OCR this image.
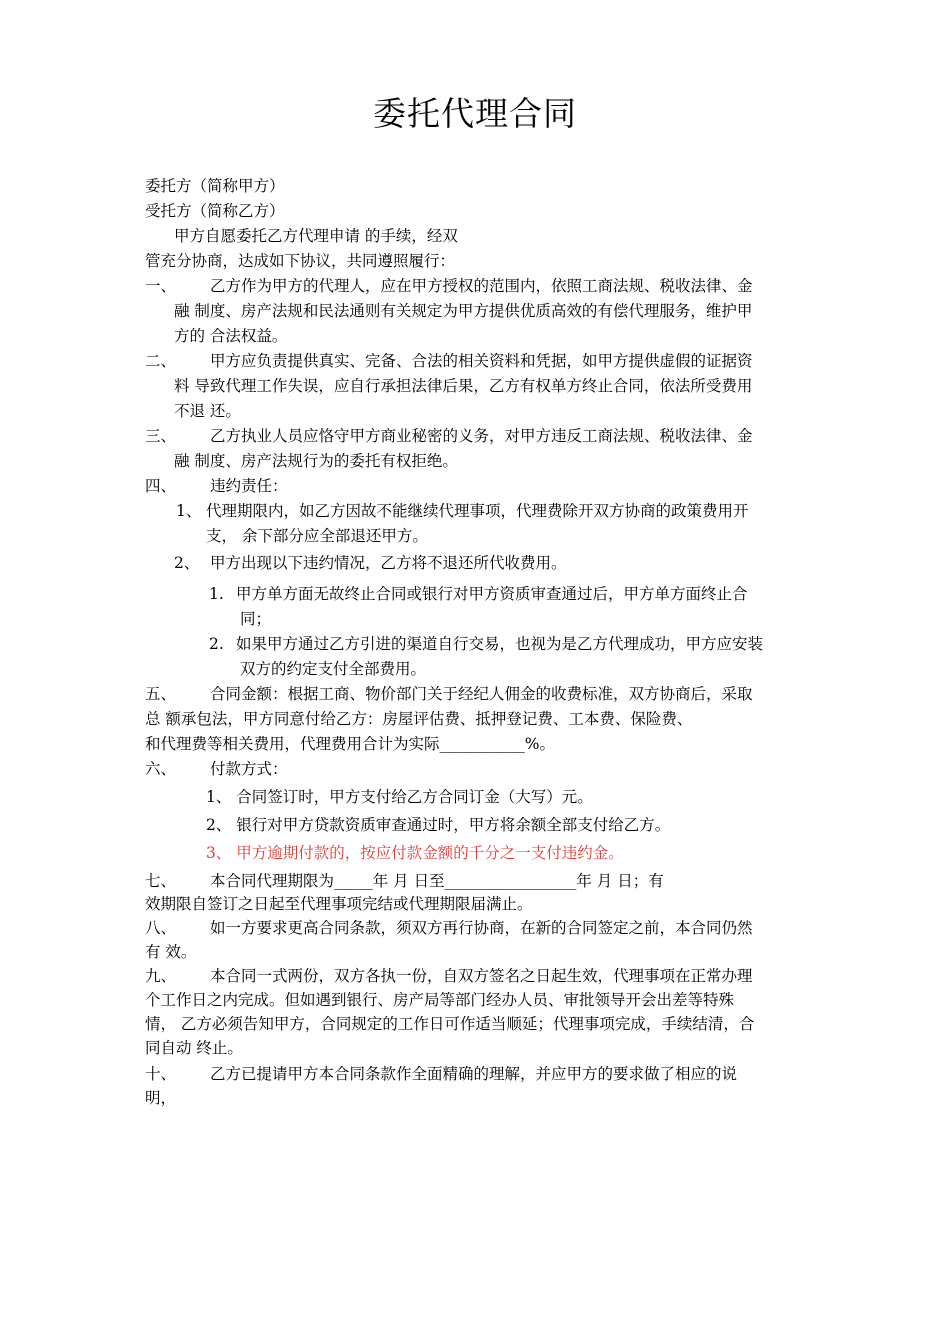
委托代理合同
委托方（简称甲方）
受托方（简称乙方）
甲方自愿委托乙方代理申请 的手续，经双
管充分协商，达成如下协议，共同遵照履行：
一、 乙方作为甲方的代理人，应在甲方授权的范围内，依照工商法规、税收法律、金
融 制度、房产法规和民法通则有关规定为甲方提供优质高效的有偿代理服务，维护甲
方的 合法权益。
二、 甲方应负责提供真实、完备、合法的相关资料和凭据，如甲方提供虚假的证据资
料 导致代理工作失误，应自行承担法律后果，乙方有权单方终止合同，依法所受费用
不退 还。
三、 乙方执业人员应恪守甲方商业秘密的义务，对甲方违反工商法规、税收法律、金
融 制度、房产法规行为的委托有权拒绝。
四、 违约责任：
1、 代理期限内，如乙方因故不能继续代理事项，代理费除开双方协商的政策费用开
支， 余下部分应全部退还甲方。
2、 甲方出现以下违约情况，乙方将不退还所代收费用。
1. 甲方单方面无故终止合同或银行对甲方资质审查通过后，甲方单方面终止合
同；
2. 如果甲方通过乙方引进的渠道自行交易，也视为是乙方代理成功，甲方应安装
双方的约定支付全部费用。
五、 合同金额：根据工商、物价部门关于经纪人佣金的收费标准，双方协商后，采取
总 额承包法，甲方同意付给乙方：房屋评估费、抵押登记费、工本费、保险费、
和代理费等相关费用，代理费用合计为实际___________%。
六、 付款方式：
1、 合同签订时，甲方支付给乙方合同订金（大写）元。
2、 银行对甲方贷款资质审查通过时，甲方将余额全部支付给乙方。
3、 甲方逾期付款的，按应付款金额的千分之一支付违约金。
七、 本合同代理期限为_____年 月 日至_________________年 月 日；有
效期限自签订之日起至代理事项完结或代理期限届满止。
八、 如一方要求更高合同条款，须双方再行协商，在新的合同签定之前，本合同仍然
有 效。
九、 本合同一式两份，双方各执一份，自双方签名之日起生效，代理事项在正常办理
个工作日之内完成。但如遇到银行、房产局等部门经办人员、审批领导开会出差等特殊
情， 乙方必须告知甲方，合同规定的工作日可作适当顺延；代理事项完成，手续结清，合
同自动 终止。
十、 乙方已提请甲方本合同条款作全面精确的理解，并应甲方的要求做了相应的说
明，
